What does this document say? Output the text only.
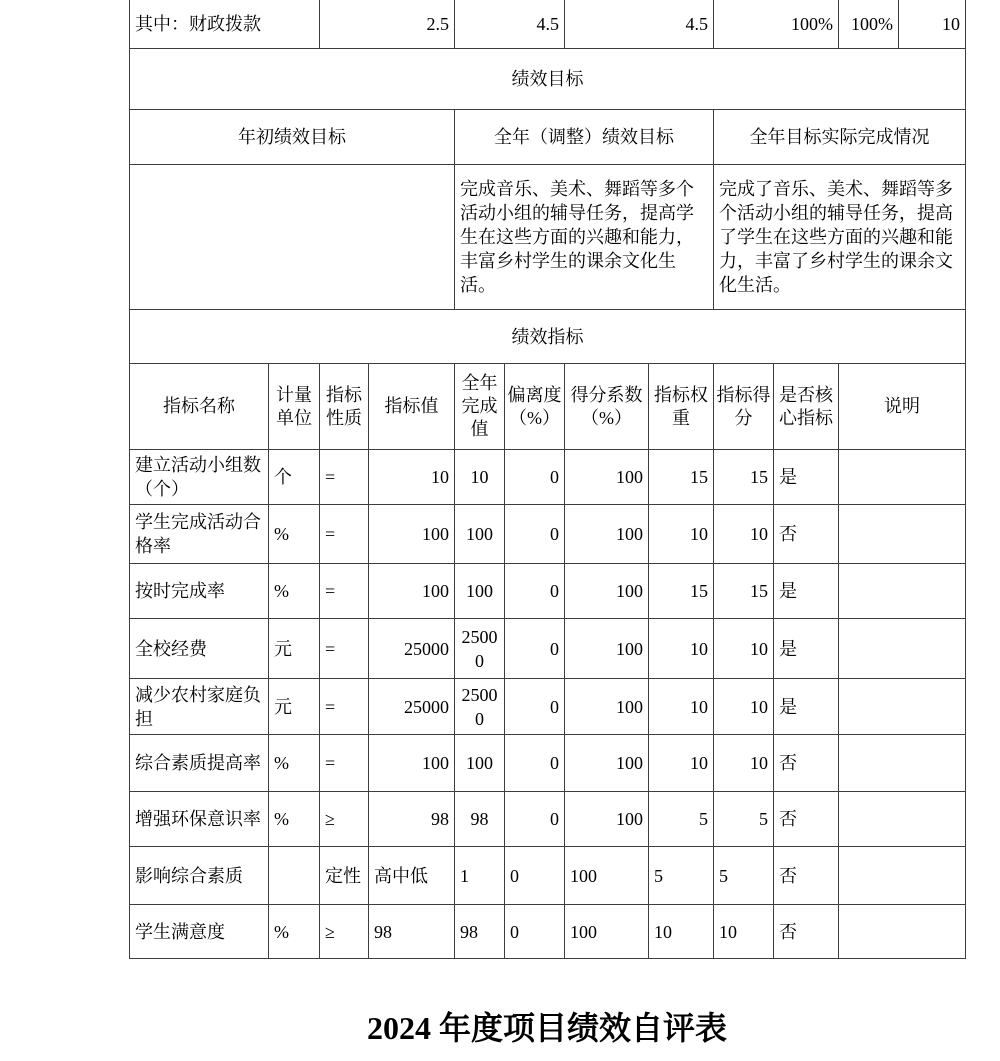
其中：财政拨款		2.5		4.5		4.5		100%		100%	10
绩效目标											
年初绩效目标				全年（调整）绩效目标				全年目标实际完成情况			
				完成音乐、美术、舞蹈等多个活动小组的辅导任务，提高学生在这些方面的兴趣和能力，丰富乡村学生的课余文化生活。				完成了音乐、美术、舞蹈等多个活动小组的辅导任务，提高了学生在这些方面的兴趣和能力，丰富了乡村学生的课余文化生活。			
绩效指标											
指标名称	计量单位	指标性质	指标值	全年完成值	偏离度（%）	得分系数（%）	指标权重	指标得分	是否核心指标	说明	
建立活动小组数（个）	个	=	10	10	0	100	15	15	是		
学生完成活动合格率	%	=	100	100	0	100	10	10	否		
按时完成率	%	=	100	100	0	100	15	15	是		
全校经费	元	=	25000	25000	0	100	10	10	是		
减少农村家庭负担	元	=	25000	25000	0	100	10	10	是		
综合素质提高率	%	=	100	100	0	100	10	10	否		
增强环保意识率	%	≥	98	98	0	100	5	5	否		
影响综合素质		定性	高中低	1	0	100	5	5	否		
学生满意度	%	≥	98	98	0	100	10	10	否		
2024 年度项目绩效自评表
